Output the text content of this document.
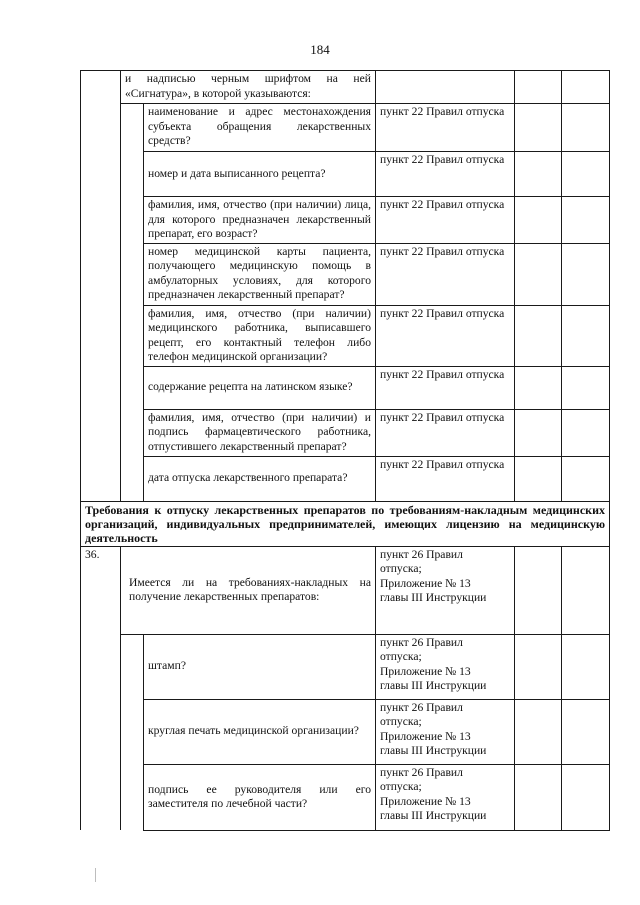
184
	и надписью черным шрифтом на ней «Сигнатура», в которой указываются:				
		наименование и адрес местонахождения субъекта обращения лекарственных средств?	пункт 22 Правил отпуска		
		номер и дата выписанного рецепта?	пункт 22 Правил отпуска		
		фамилия, имя, отчество (при наличии) лица, для которого предназначен лекарственный препарат, его возраст?	пункт 22 Правил отпуска		
		номер медицинской карты пациента, получающего медицинскую помощь в амбулаторных условиях, для которого предназначен лекарственный препарат?	пункт 22 Правил отпуска		
		фамилия, имя, отчество (при наличии) медицинского работника, выписавшего рецепт, его контактный телефон либо телефон медицинской организации?	пункт 22 Правил отпуска		
		содержание рецепта на латинском языке?	пункт 22 Правил отпуска		
		фамилия, имя, отчество (при наличии) и подпись фармацевтического работника, отпустившего лекарственный препарат?	пункт 22 Правил отпуска		
		дата отпуска лекарственного препарата?	пункт 22 Правил отпуска		
Требования к отпуску лекарственных препаратов по требованиям-накладным медицинских организаций, индивидуальных предпринимателей, имеющих лицензию на медицинскую деятельность					
36.	Имеется ли на требованиях-накладных на получение лекарственных препаратов:		пункт 26 Правил
отпуска;
Приложение № 13
главы III Инструкции		

		штамп?	пункт 26 Правил
отпуска;
Приложение № 13
главы III Инструкции		

		круглая печать медицинской организации?	пункт 26 Правил
отпуска;
Приложение № 13
главы III Инструкции		

		подпись ее руководителя или его заместителя по лечебной части?	пункт 26 Правил
отпуска;
Приложение № 13
главы III Инструкции		
